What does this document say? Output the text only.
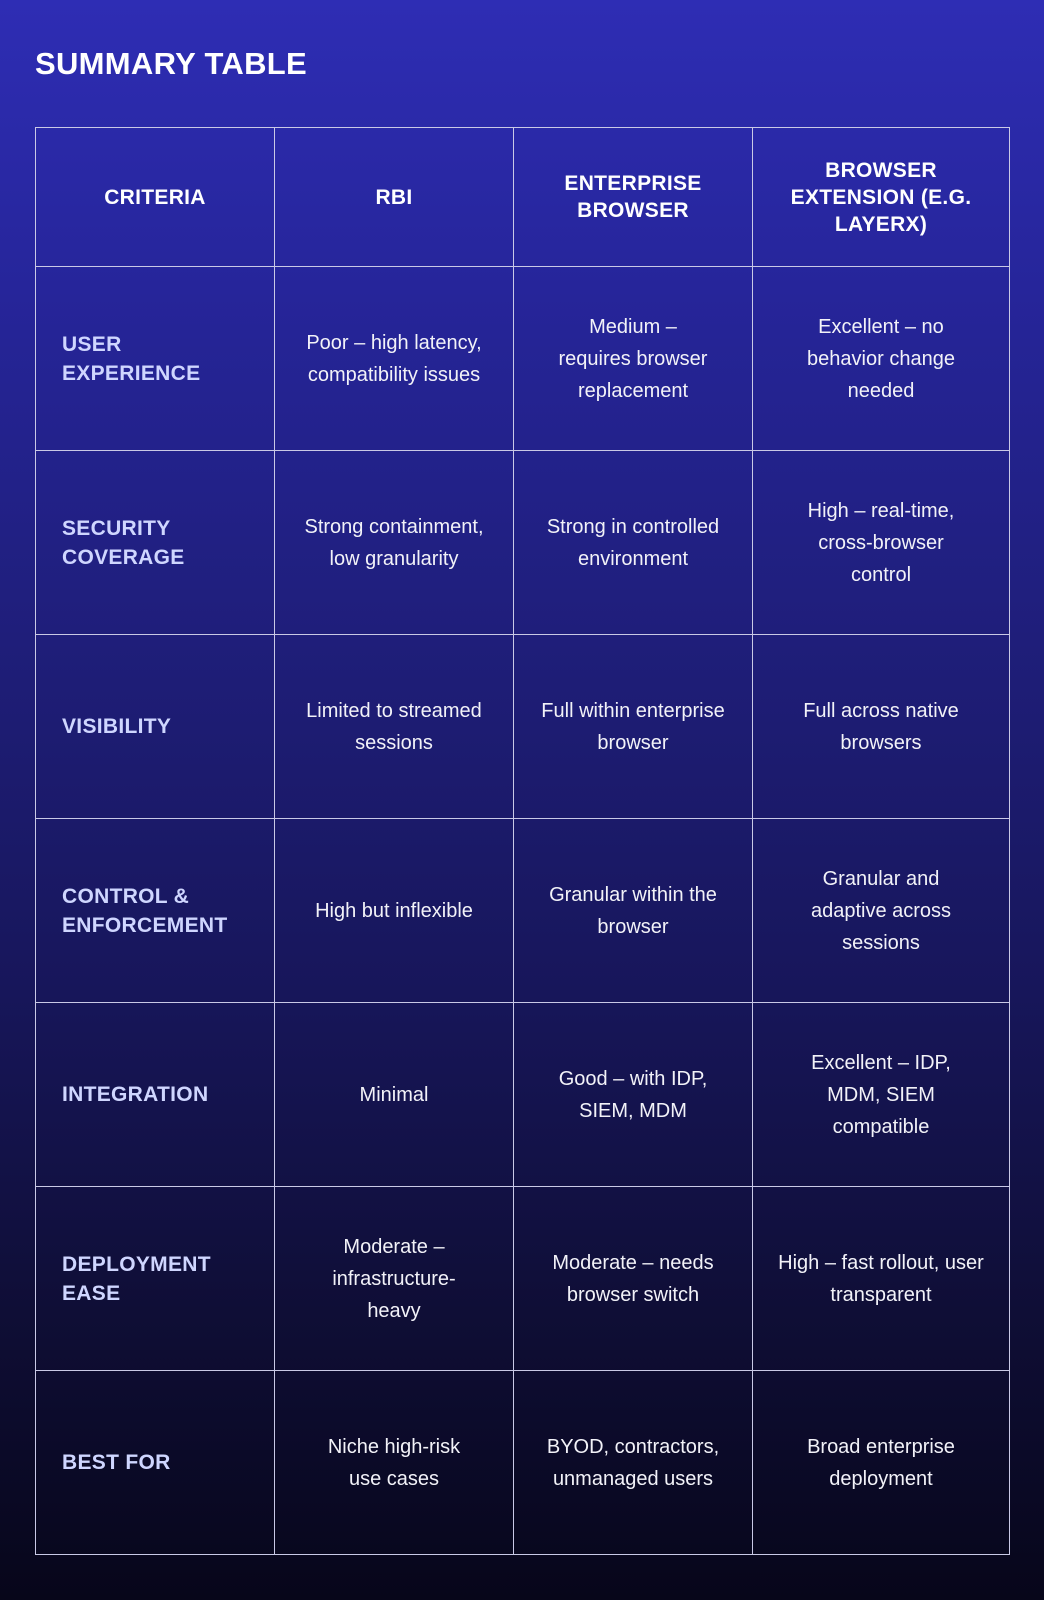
SUMMARY TABLE
CRITERIA	RBI	ENTERPRISE BROWSER	BROWSER EXTENSION (E.G. LAYERX)
USER EXPERIENCE	Poor – high latency, compatibility issues	Medium – requires browser replacement	Excellent – no behavior change needed
SECURITY COVERAGE	Strong containment, low granularity	Strong in controlled environment	High – real-time, cross-browser control
VISIBILITY	Limited to streamed sessions	Full within enterprise browser	Full across native browsers
CONTROL & ENFORCEMENT	High but inflexible	Granular within the browser	Granular and adaptive across sessions
INTEGRATION	Minimal	Good – with IDP, SIEM, MDM	Excellent – IDP, MDM, SIEM compatible
DEPLOYMENT EASE	Moderate – infrastructure-heavy	Moderate – needs browser switch	High – fast rollout, user transparent
BEST FOR	Niche high-risk use cases	BYOD, contractors, unmanaged users	Broad enterprise deployment
